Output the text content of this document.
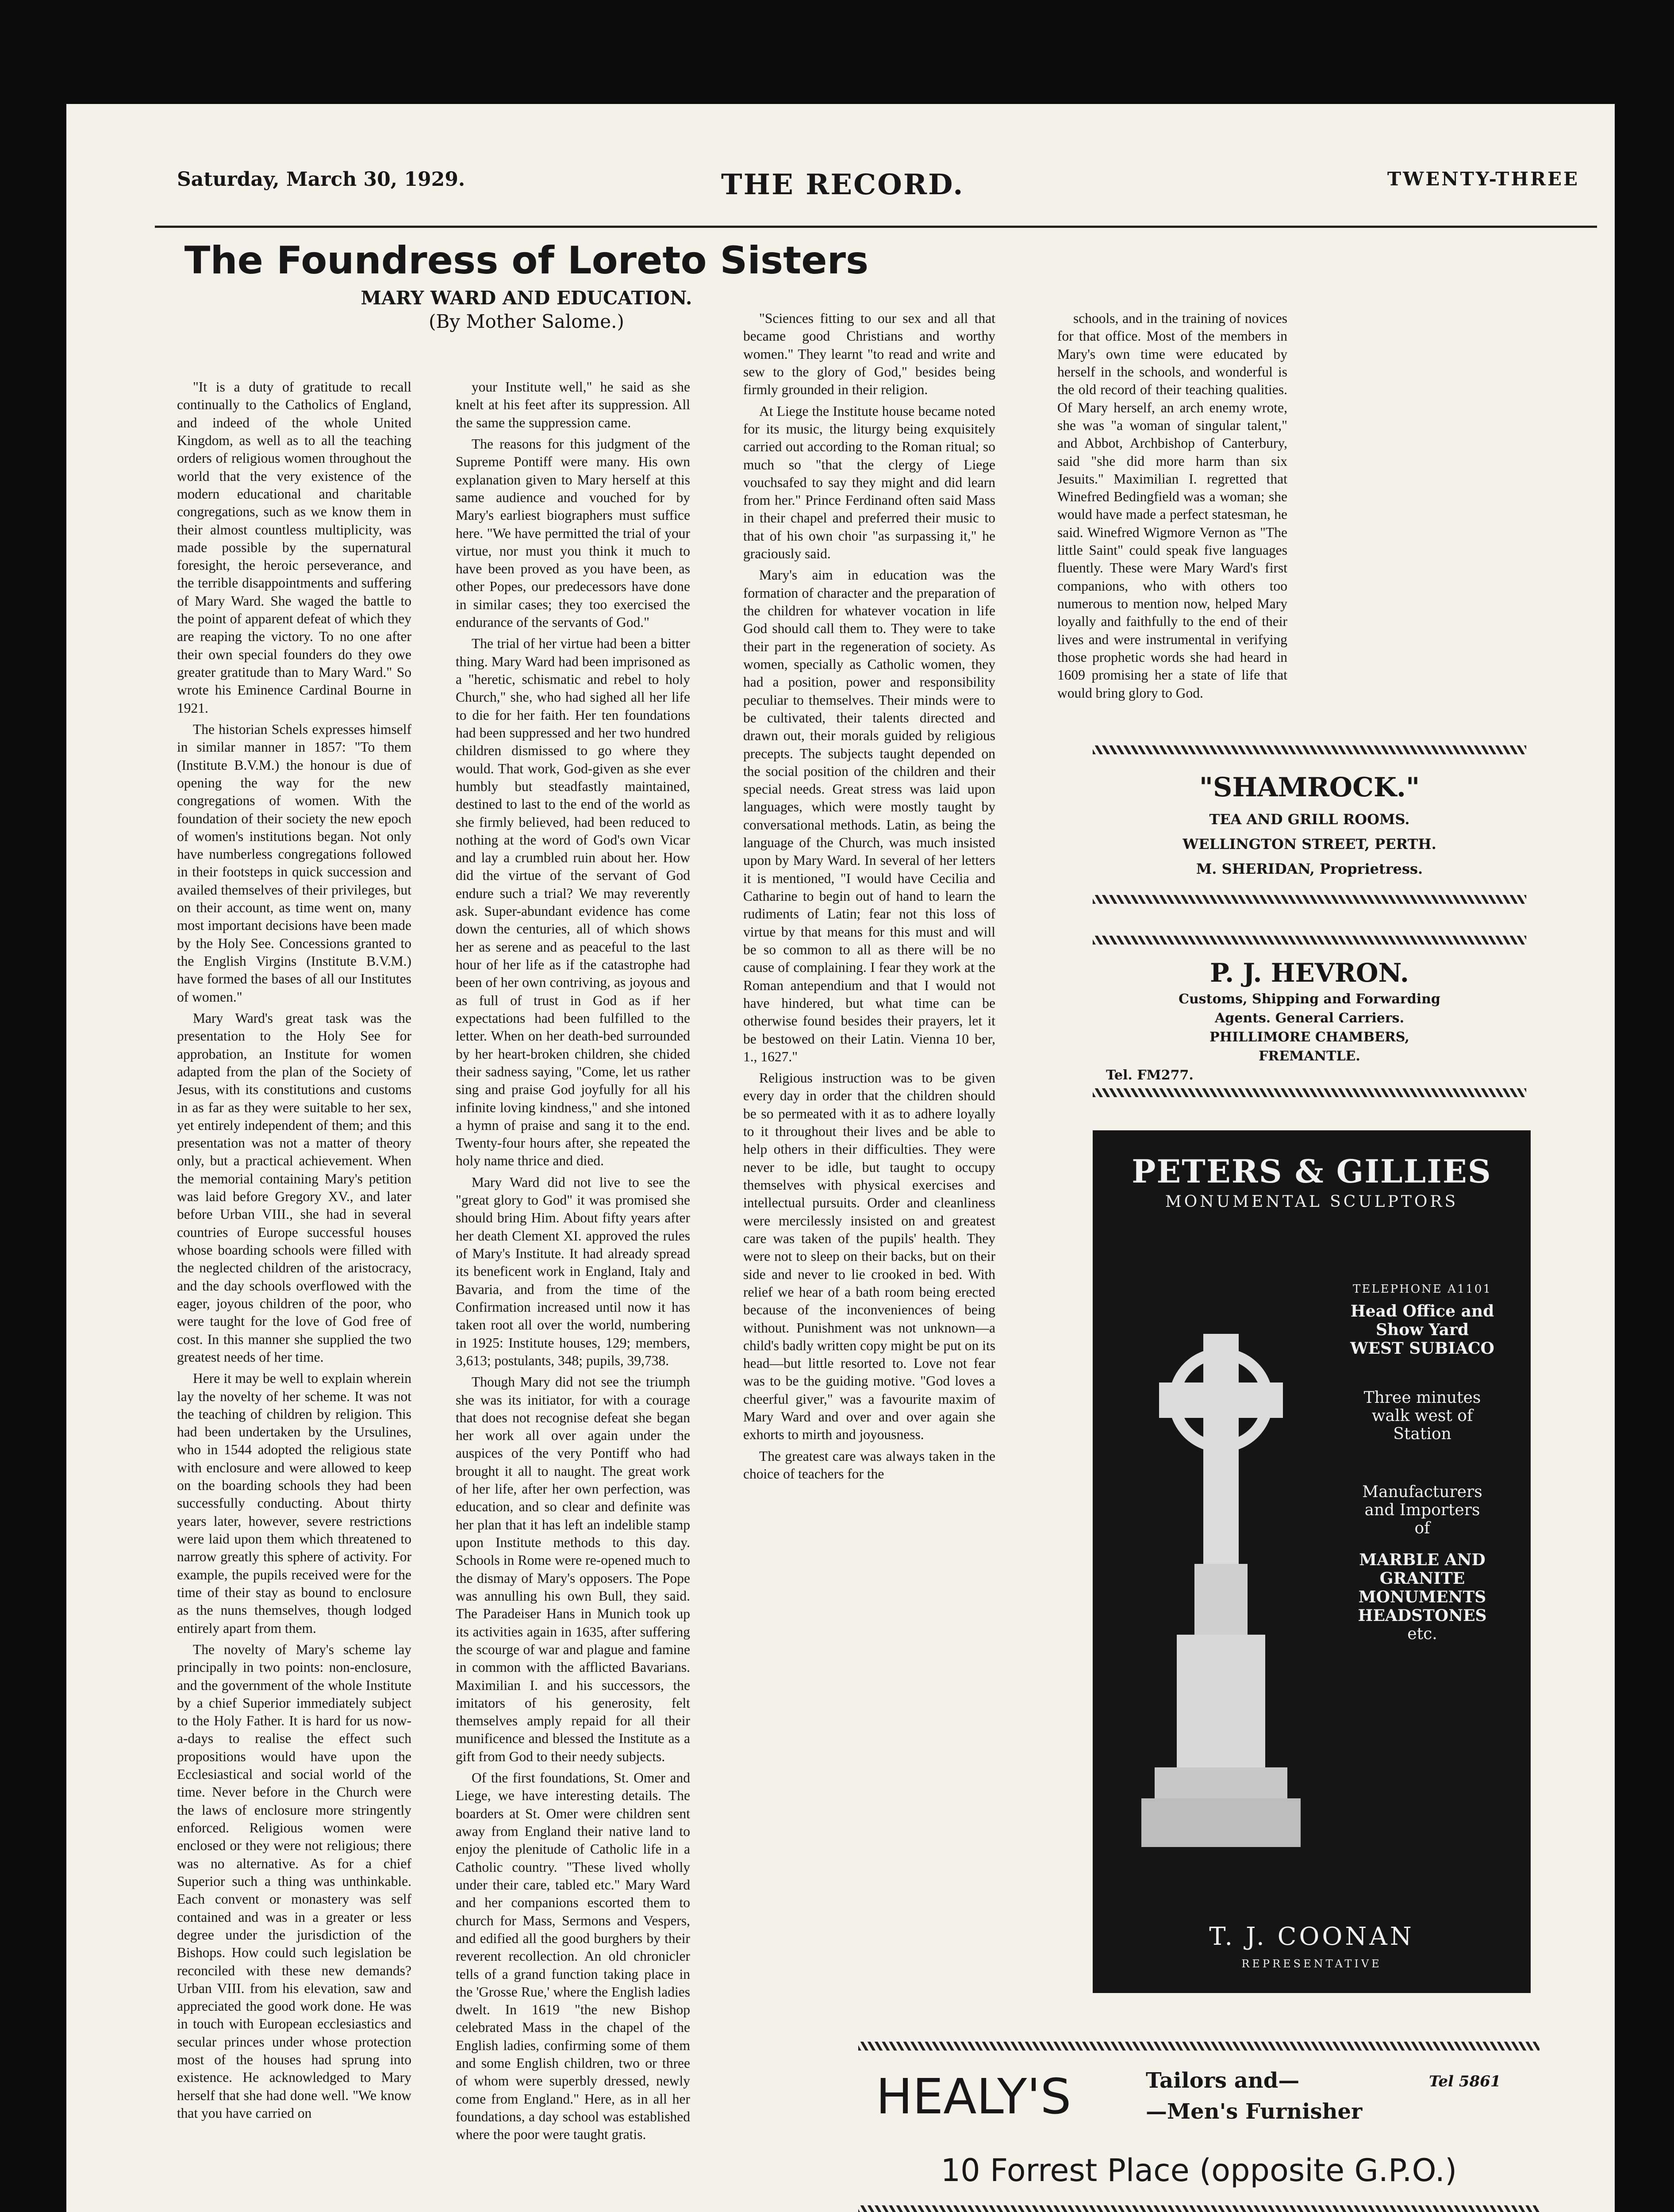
Saturday, March 30, 1929.	THE RECORD.	TWENTY-THREE
The Foundress of Loreto Sisters
MARY WARD AND EDUCATION.
(By Mother Salome.)

"It is a duty of gratitude to recall continually to the Catholics of England, and indeed of the whole United Kingdom, as well as to all the teaching orders of religious women throughout the world that the very existence of the modern educational and charitable congregations, such as we know them in their almost countless multiplicity, was made possible by the supernatural foresight, the heroic perseverance, and the terrible disappointments and suffering of Mary Ward. She waged the battle to the point of apparent defeat of which they are reaping the victory. To no one after their own special founders do they owe greater gratitude than to Mary Ward." So wrote his Eminence Cardinal Bourne in 1921.

The historian Schels expresses himself in similar manner in 1857: "To them (Institute B.V.M.) the honour is due of opening the way for the new congregations of women. With the foundation of their society the new epoch of women's institutions began. Not only have numberless congregations followed in their footsteps in quick succession and availed themselves of their privileges, but on their account, as time went on, many most important decisions have been made by the Holy See. Concessions granted to the English Virgins (Institute B.V.M.) have formed the bases of all our Institutes of women."

Mary Ward's great task was the presentation to the Holy See for approbation, an Institute for women adapted from the plan of the Society of Jesus, with its constitutions and customs in as far as they were suitable to her sex, yet entirely independent of them; and this presentation was not a matter of theory only, but a practical achievement. When the memorial containing Mary's petition was laid before Gregory XV., and later before Urban VIII., she had in several countries of Europe successful houses whose boarding schools were filled with the neglected children of the aristocracy, and the day schools overflowed with the eager, joyous children of the poor, who were taught for the love of God free of cost. In this manner she supplied the two greatest needs of her time.

Here it may be well to explain wherein lay the novelty of her scheme. It was not the teaching of children by religion. This had been undertaken by the Ursulines, who in 1544 adopted the religious state with enclosure and were allowed to keep on the boarding schools they had been successfully conducting. About thirty years later, however, severe restrictions were laid upon them which threatened to narrow greatly this sphere of activity. For example, the pupils received were for the time of their stay as bound to enclosure as the nuns themselves, though lodged entirely apart from them.

The novelty of Mary's scheme lay principally in two points: non-enclosure, and the government of the whole Institute by a chief Superior immediately subject to the Holy Father. It is hard for us now-a-days to realise the effect such propositions would have upon the Ecclesiastical and social world of the time. Never before in the Church were the laws of enclosure more stringently enforced. Religious women were enclosed or they were not religious; there was no alternative. As for a chief Superior such a thing was unthinkable. Each convent or monastery was self contained and was in a greater or less degree under the jurisdiction of the Bishops. How could such legislation be reconciled with these new demands? Urban VIII. from his elevation, saw and appreciated the good work done. He was in touch with European ecclesiastics and secular princes under whose protection most of the houses had sprung into existence. He acknowledged to Mary herself that she had done well. "We know that you have carried on

your Institute well," he said as she knelt at his feet after its suppression. All the same the suppression came.

The reasons for this judgment of the Supreme Pontiff were many. His own explanation given to Mary herself at this same audience and vouched for by Mary's earliest biographers must suffice here. "We have permitted the trial of your virtue, nor must you think it much to have been proved as you have been, as other Popes, our predecessors have done in similar cases; they too exercised the endurance of the servants of God."

The trial of her virtue had been a bitter thing. Mary Ward had been imprisoned as a "heretic, schismatic and rebel to holy Church," she, who had sighed all her life to die for her faith. Her ten foundations had been suppressed and her two hundred children dismissed to go where they would. That work, God-given as she ever humbly but steadfastly maintained, destined to last to the end of the world as she firmly believed, had been reduced to nothing at the word of God's own Vicar and lay a crumbled ruin about her. How did the virtue of the servant of God endure such a trial? We may reverently ask. Super-abundant evidence has come down the centuries, all of which shows her as serene and as peaceful to the last hour of her life as if the catastrophe had been of her own contriving, as joyous and as full of trust in God as if her expectations had been fulfilled to the letter. When on her death-bed surrounded by her heart-broken children, she chided their sadness saying, "Come, let us rather sing and praise God joyfully for all his infinite loving kindness," and she intoned a hymn of praise and sang it to the end. Twenty-four hours after, she repeated the holy name thrice and died.

Mary Ward did not live to see the "great glory to God" it was promised she should bring Him. About fifty years after her death Clement XI. approved the rules of Mary's Institute. It had already spread its beneficent work in England, Italy and Bavaria, and from the time of the Confirmation increased until now it has taken root all over the world, numbering in 1925: Institute houses, 129; members, 3,613; postulants, 348; pupils, 39,738.

Though Mary did not see the triumph she was its initiator, for with a courage that does not recognise defeat she began her work all over again under the auspices of the very Pontiff who had brought it all to naught. The great work of her life, after her own perfection, was education, and so clear and definite was her plan that it has left an indelible stamp upon Institute methods to this day. Schools in Rome were re-opened much to the dismay of Mary's opposers. The Pope was annulling his own Bull, they said. The Paradeiser Hans in Munich took up its activities again in 1635, after suffering the scourge of war and plague and famine in common with the afflicted Bavarians. Maximilian I. and his successors, the imitators of his generosity, felt themselves amply repaid for all their munificence and blessed the Institute as a gift from God to their needy subjects.

Of the first foundations, St. Omer and Liege, we have interesting details. The boarders at St. Omer were children sent away from England their native land to enjoy the plenitude of Catholic life in a Catholic country. "These lived wholly under their care, tabled etc." Mary Ward and her companions escorted them to church for Mass, Sermons and Vespers, and edified all the good burghers by their reverent recollection. An old chronicler tells of a grand function taking place in the 'Grosse Rue,' where the English ladies dwelt. In 1619 "the new Bishop celebrated Mass in the chapel of the English ladies, confirming some of them and some English children, two or three of whom were superbly dressed, newly come from England." Here, as in all her foundations, a day school was established where the poor were taught gratis.

"Sciences fitting to our sex and all that became good Christians and worthy women." They learnt "to read and write and sew to the glory of God," besides being firmly grounded in their religion.

At Liege the Institute house became noted for its music, the liturgy being exquisitely carried out according to the Roman ritual; so much so "that the clergy of Liege vouchsafed to say they might and did learn from her." Prince Ferdinand often said Mass in their chapel and preferred their music to that of his own choir "as surpassing it," he graciously said.

Mary's aim in education was the formation of character and the preparation of the children for whatever vocation in life God should call them to. They were to take their part in the regeneration of society. As women, specially as Catholic women, they had a position, power and responsibility peculiar to themselves. Their minds were to be cultivated, their talents directed and drawn out, their morals guided by religious precepts. The subjects taught depended on the social position of the children and their special needs. Great stress was laid upon languages, which were mostly taught by conversational methods. Latin, as being the language of the Church, was much insisted upon by Mary Ward. In several of her letters it is mentioned, "I would have Cecilia and Catharine to begin out of hand to learn the rudiments of Latin; fear not this loss of virtue by that means for this must and will be so common to all as there will be no cause of complaining. I fear they work at the Roman antependium and that I would not have hindered, but what time can be otherwise found besides their prayers, let it be bestowed on their Latin. Vienna 10 ber, 1., 1627."

Religious instruction was to be given every day in order that the children should be so permeated with it as to adhere loyally to it throughout their lives and be able to help others in their difficulties. They were never to be idle, but taught to occupy themselves with physical exercises and intellectual pursuits. Order and cleanliness were mercilessly insisted on and greatest care was taken of the pupils' health. They were not to sleep on their backs, but on their side and never to lie crooked in bed. With relief we hear of a bath room being erected because of the inconveniences of being without. Punishment was not unknown—a child's badly written copy might be put on its head—but little resorted to. Love not fear was to be the guiding motive. "God loves a cheerful giver," was a favourite maxim of Mary Ward and over and over again she exhorts to mirth and joyousness.

The greatest care was always taken in the choice of teachers for the

schools, and in the training of novices for that office. Most of the members in Mary's own time were educated by herself in the schools, and wonderful is the old record of their teaching qualities. Of Mary herself, an arch enemy wrote, she was "a woman of singular talent," and Abbot, Archbishop of Canterbury, said "she did more harm than six Jesuits." Maximilian I. regretted that Winefred Bedingfield was a woman; she would have made a perfect statesman, he said. Winefred Wigmore Vernon as "The little Saint" could speak five languages fluently. These were Mary Ward's first companions, who with others too numerous to mention now, helped Mary loyally and faithfully to the end of their lives and were instrumental in verifying those prophetic words she had heard in 1609 promising her a state of life that would bring glory to God.

"SHAMROCK."
TEA AND GRILL ROOMS.
WELLINGTON STREET, PERTH.
M. SHERIDAN, Proprietress.
P. J. HEVRON.
Customs, Shipping and Forwarding
Agents. General Carriers.
PHILLIMORE CHAMBERS,
FREMANTLE.
Tel. FM277.
PETERS & GILLIES
MONUMENTAL SCULPTORS
TELEPHONE A1101
Head Office and
Show Yard
WEST SUBIACO
Three minutes
walk west of
Station
Manufacturers
and Importers
of
MARBLE AND
GRANITE
MONUMENTS
HEADSTONES
etc.
T. J. COONAN
REPRESENTATIVE
HEALY'S	Tailors and—	Tel 5861
—Men's Furnisher
10 Forrest Place (opposite G.P.O.)
